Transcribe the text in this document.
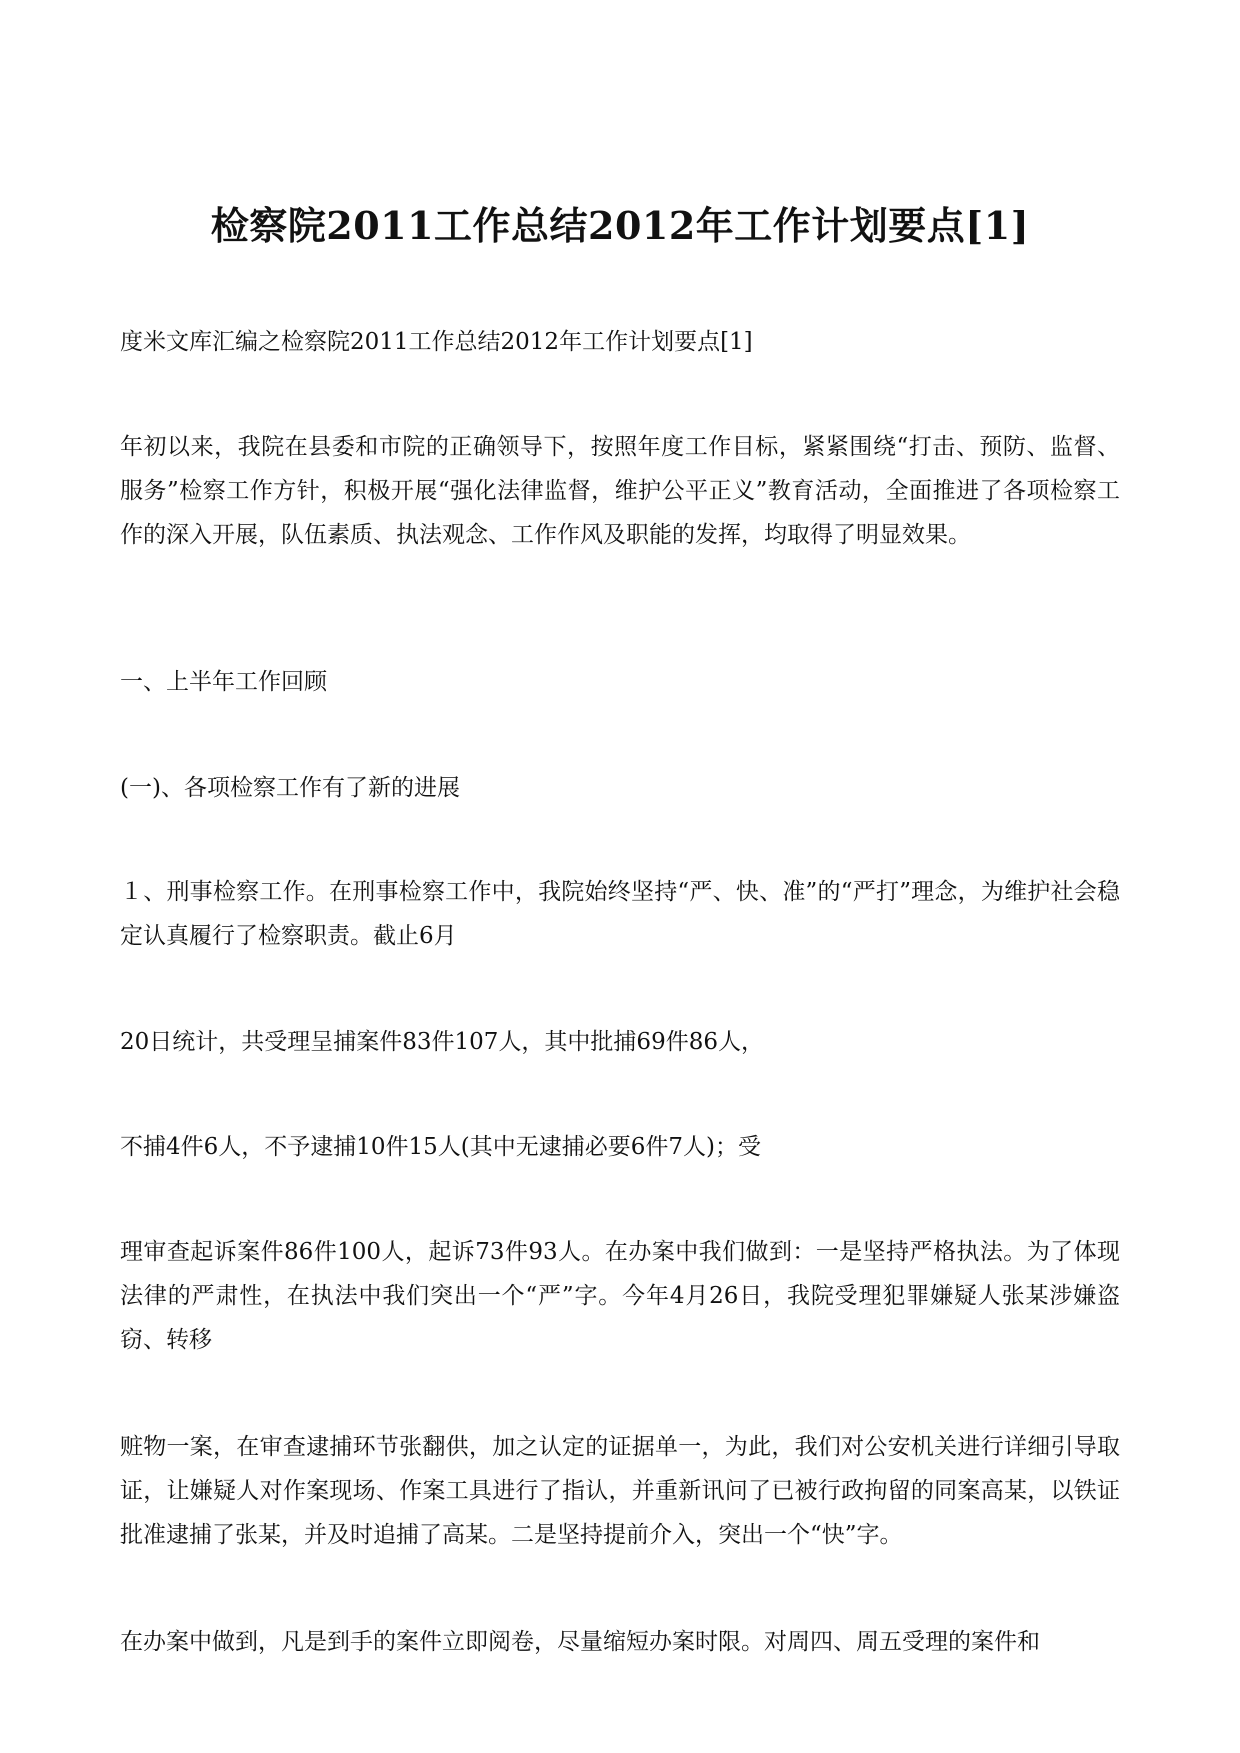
检察院2011工作总结2012年工作计划要点[1]

度米文库汇编之检察院2011工作总结2012年工作计划要点[1]

年初以来，我院在县委和市院的正确领导下，按照年度工作目标，紧紧围绕“打击、预防、监督、服务”检察工作方针，积极开展“强化法律监督，维护公平正义”教育活动，全面推进了各项检察工作的深入开展，队伍素质、执法观念、工作作风及职能的发挥，均取得了明显效果。

一、上半年工作回顾

(一)、各项检察工作有了新的进展

１、刑事检察工作。在刑事检察工作中，我院始终坚持“严、快、准”的“严打”理念，为维护社会稳定认真履行了检察职责。截止6月

20日统计，共受理呈捕案件83件107人，其中批捕69件86人，

不捕4件6人，不予逮捕10件15人(其中无逮捕必要6件7人)；受

理审查起诉案件86件100人，起诉73件93人。在办案中我们做到：一是坚持严格执法。为了体现法律的严肃性，在执法中我们突出一个“严”字。今年4月26日，我院受理犯罪嫌疑人张某涉嫌盗窃、转移

赃物一案，在审查逮捕环节张翻供，加之认定的证据单一，为此，我们对公安机关进行详细引导取证，让嫌疑人对作案现场、作案工具进行了指认，并重新讯问了已被行政拘留的同案高某，以铁证批准逮捕了张某，并及时追捕了高某。二是坚持提前介入，突出一个“快”字。

在办案中做到，凡是到手的案件立即阅卷，尽量缩短办案时限。对周四、周五受理的案件和
